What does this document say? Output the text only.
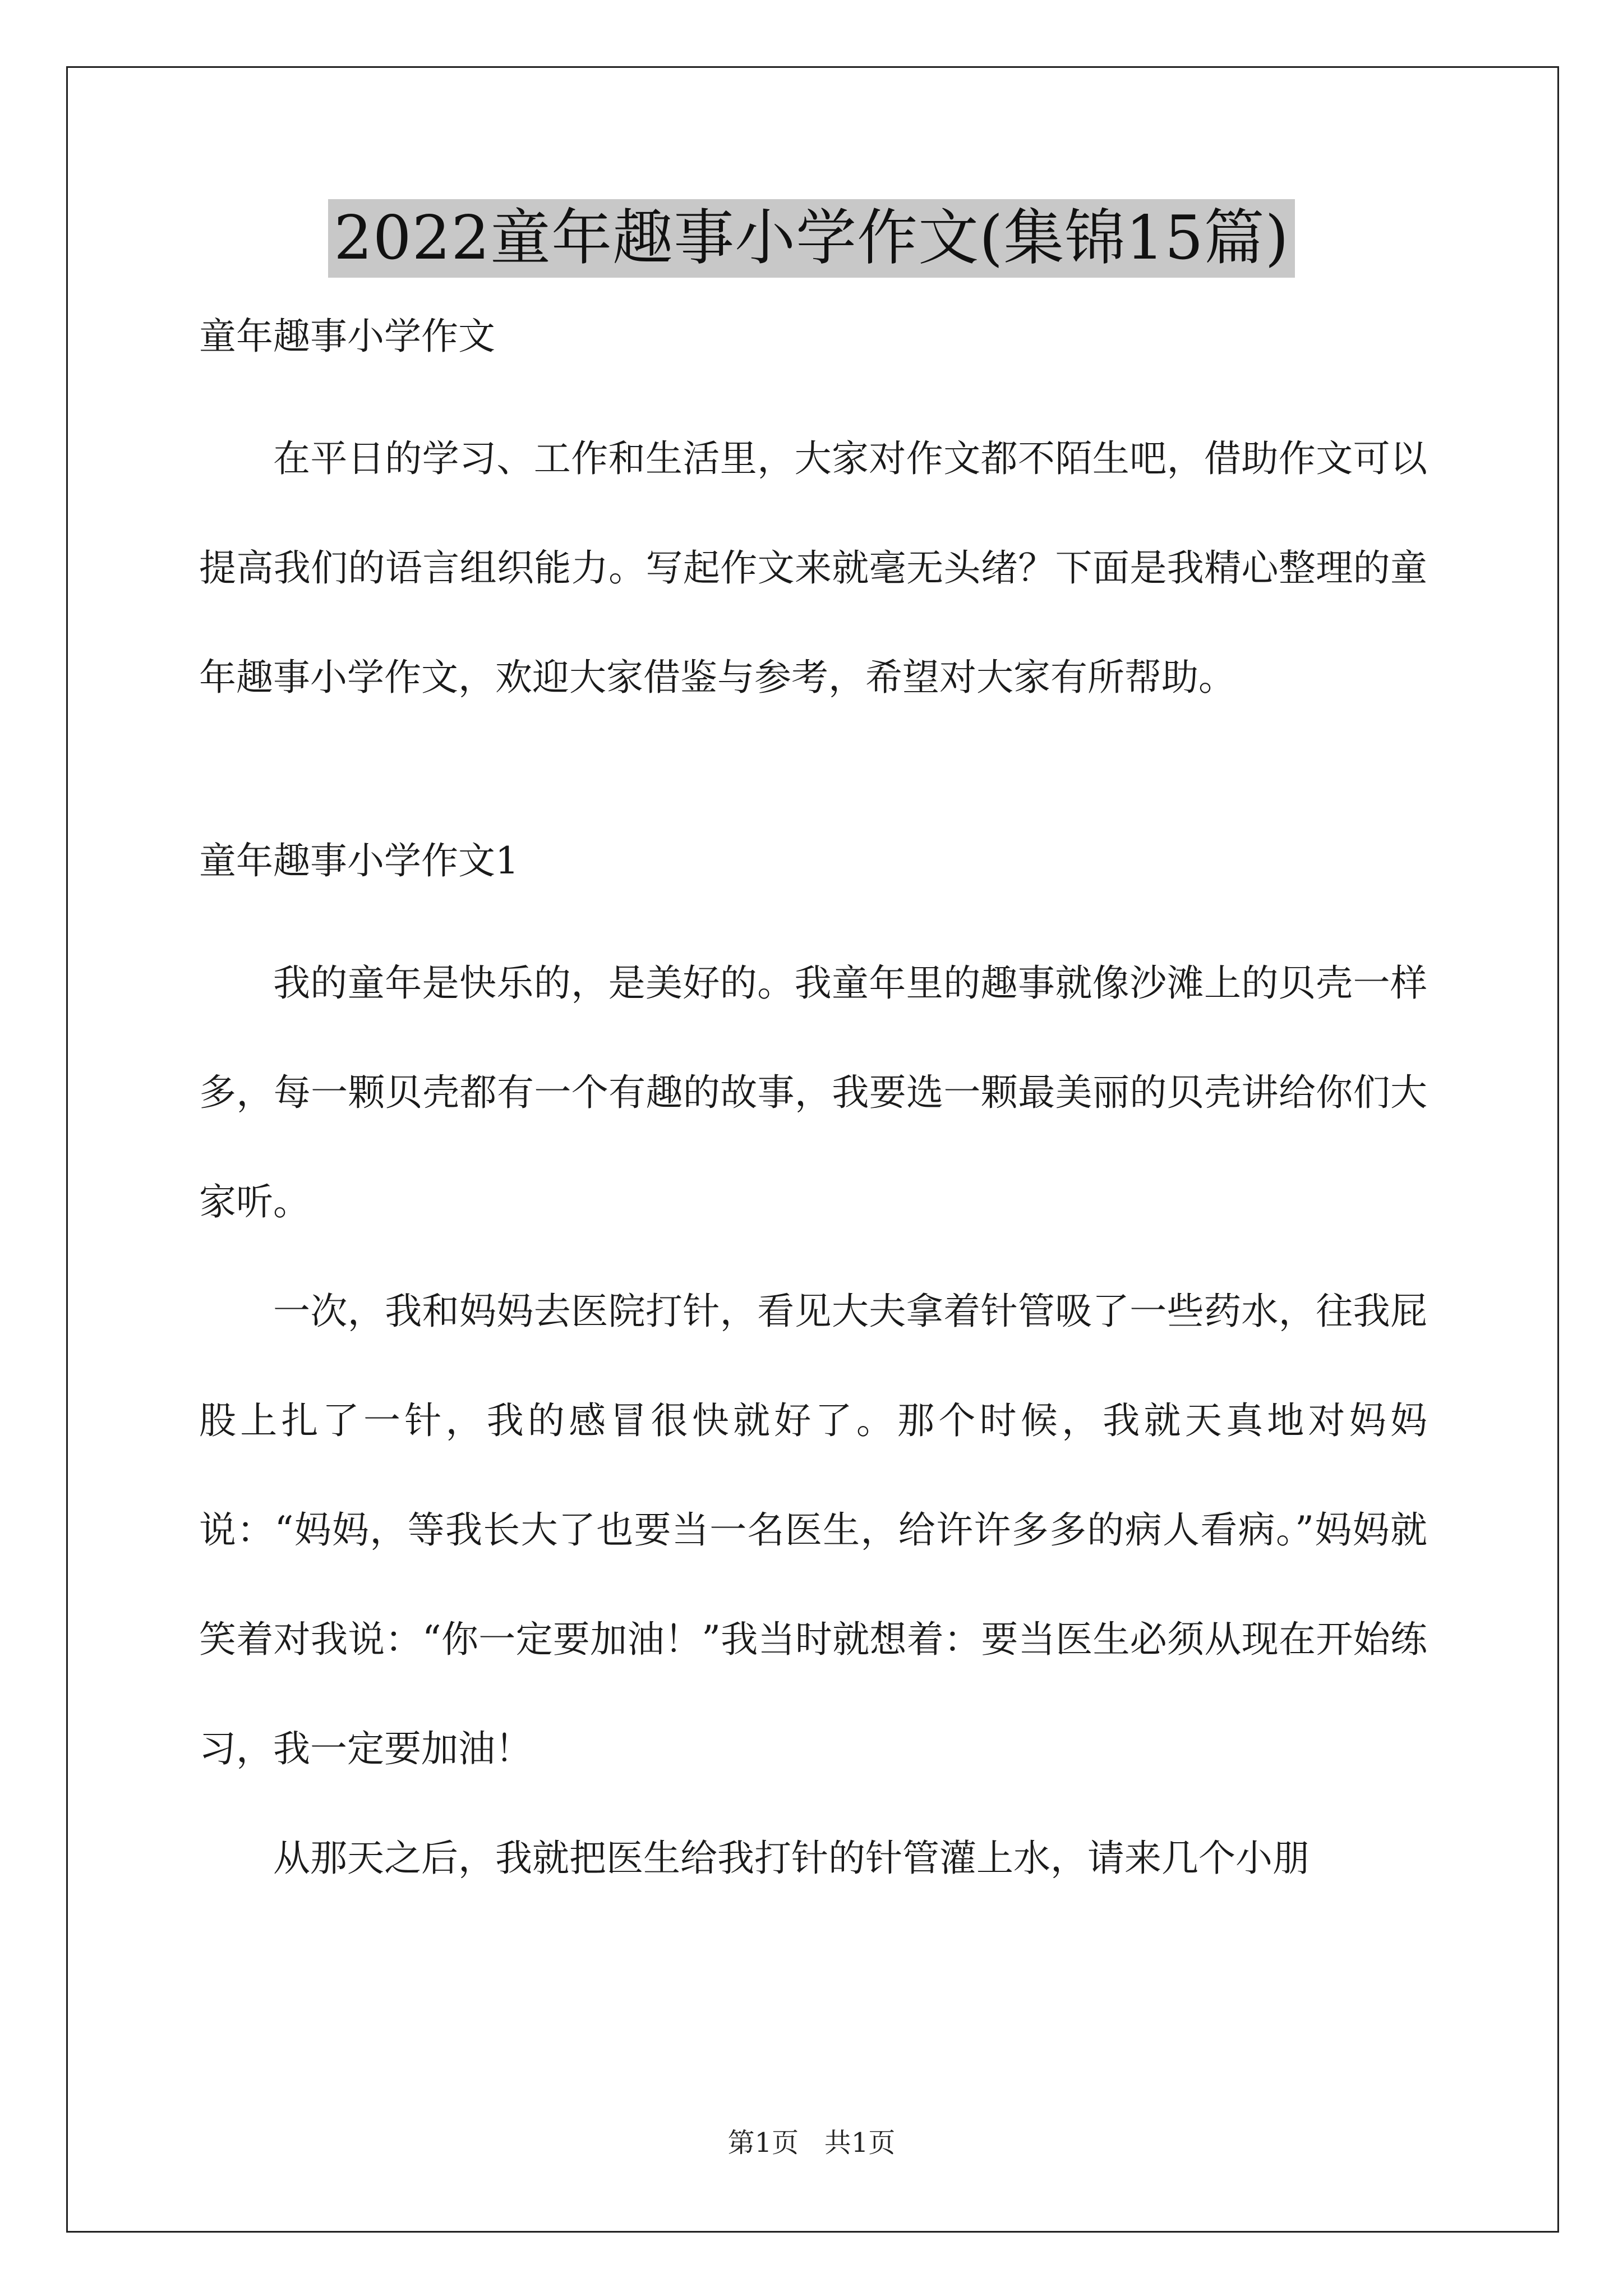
2022童年趣事小学作文(集锦15篇)

童年趣事小学作文

在平日的学习、工作和生活里，大家对作文都不陌生吧，借助作文可以提高我们的语言组织能力。写起作文来就毫无头绪？下面是我精心整理的童年趣事小学作文，欢迎大家借鉴与参考，希望对大家有所帮助。

童年趣事小学作文1

我的童年是快乐的，是美好的。我童年里的趣事就像沙滩上的贝壳一样多，每一颗贝壳都有一个有趣的故事，我要选一颗最美丽的贝壳讲给你们大家听。

一次，我和妈妈去医院打针，看见大夫拿着针管吸了一些药水，往我屁股上扎了一针，我的感冒很快就好了。那个时候，我就天真地对妈妈说：“妈妈，等我长大了也要当一名医生，给许许多多的病人看病。”妈妈就笑着对我说：“你一定要加油！”我当时就想着：要当医生必须从现在开始练习，我一定要加油！

从那天之后，我就把医生给我打针的针管灌上水，请来几个小朋

第1页 共1页
